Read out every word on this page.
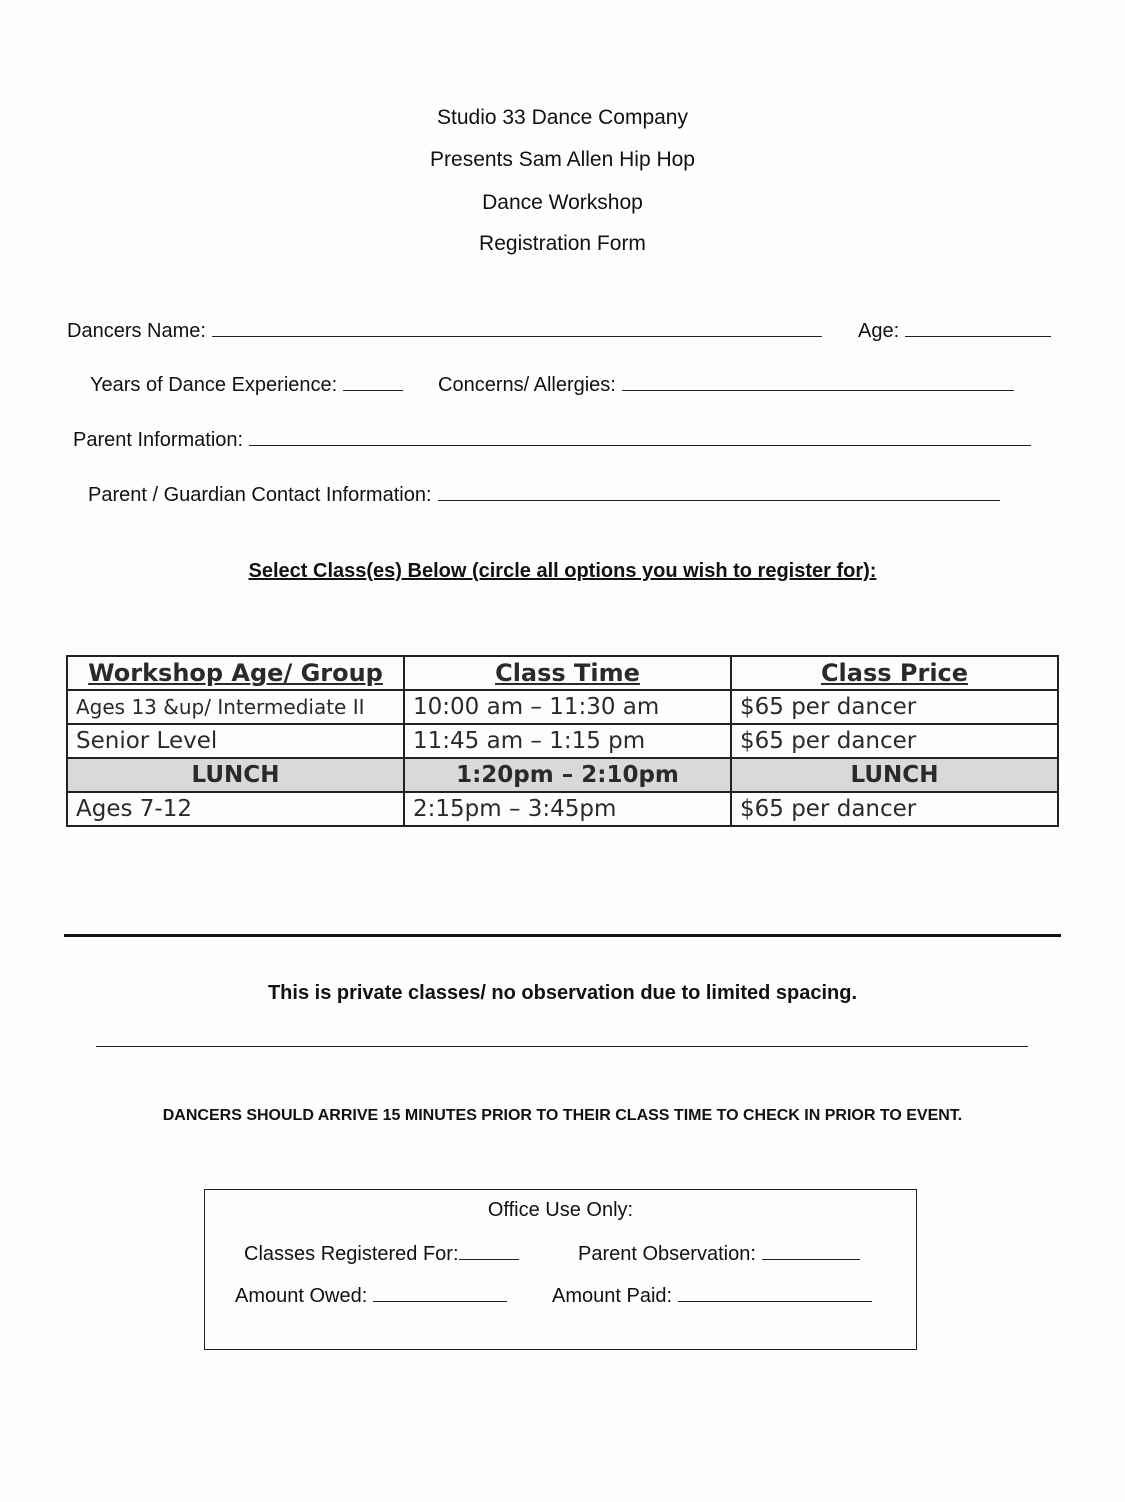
Studio 33 Dance Company
Presents Sam Allen Hip Hop
Dance Workshop
Registration Form
Dancers Name:	Age:
Years of Dance Experience:	Concerns/ Allergies:
Parent Information:
Parent / Guardian Contact Information:
Select Class(es) Below (circle all options you wish to register for):
Workshop Age/ Group	Class Time	Class Price
Ages 13 &up/ Intermediate II	10:00 am – 11:30 am	$65 per dancer
Senior Level	11:45 am – 1:15 pm	$65 per dancer
LUNCH	1:20pm – 2:10pm	LUNCH
Ages 7-12	2:15pm – 3:45pm	$65 per dancer
This is private classes/ no observation due to limited spacing.
DANCERS SHOULD ARRIVE 15 MINUTES PRIOR TO THEIR CLASS TIME TO CHECK IN PRIOR TO EVENT.
Office Use Only:
Classes Registered For:	Parent Observation:
Amount Owed:	Amount Paid:
